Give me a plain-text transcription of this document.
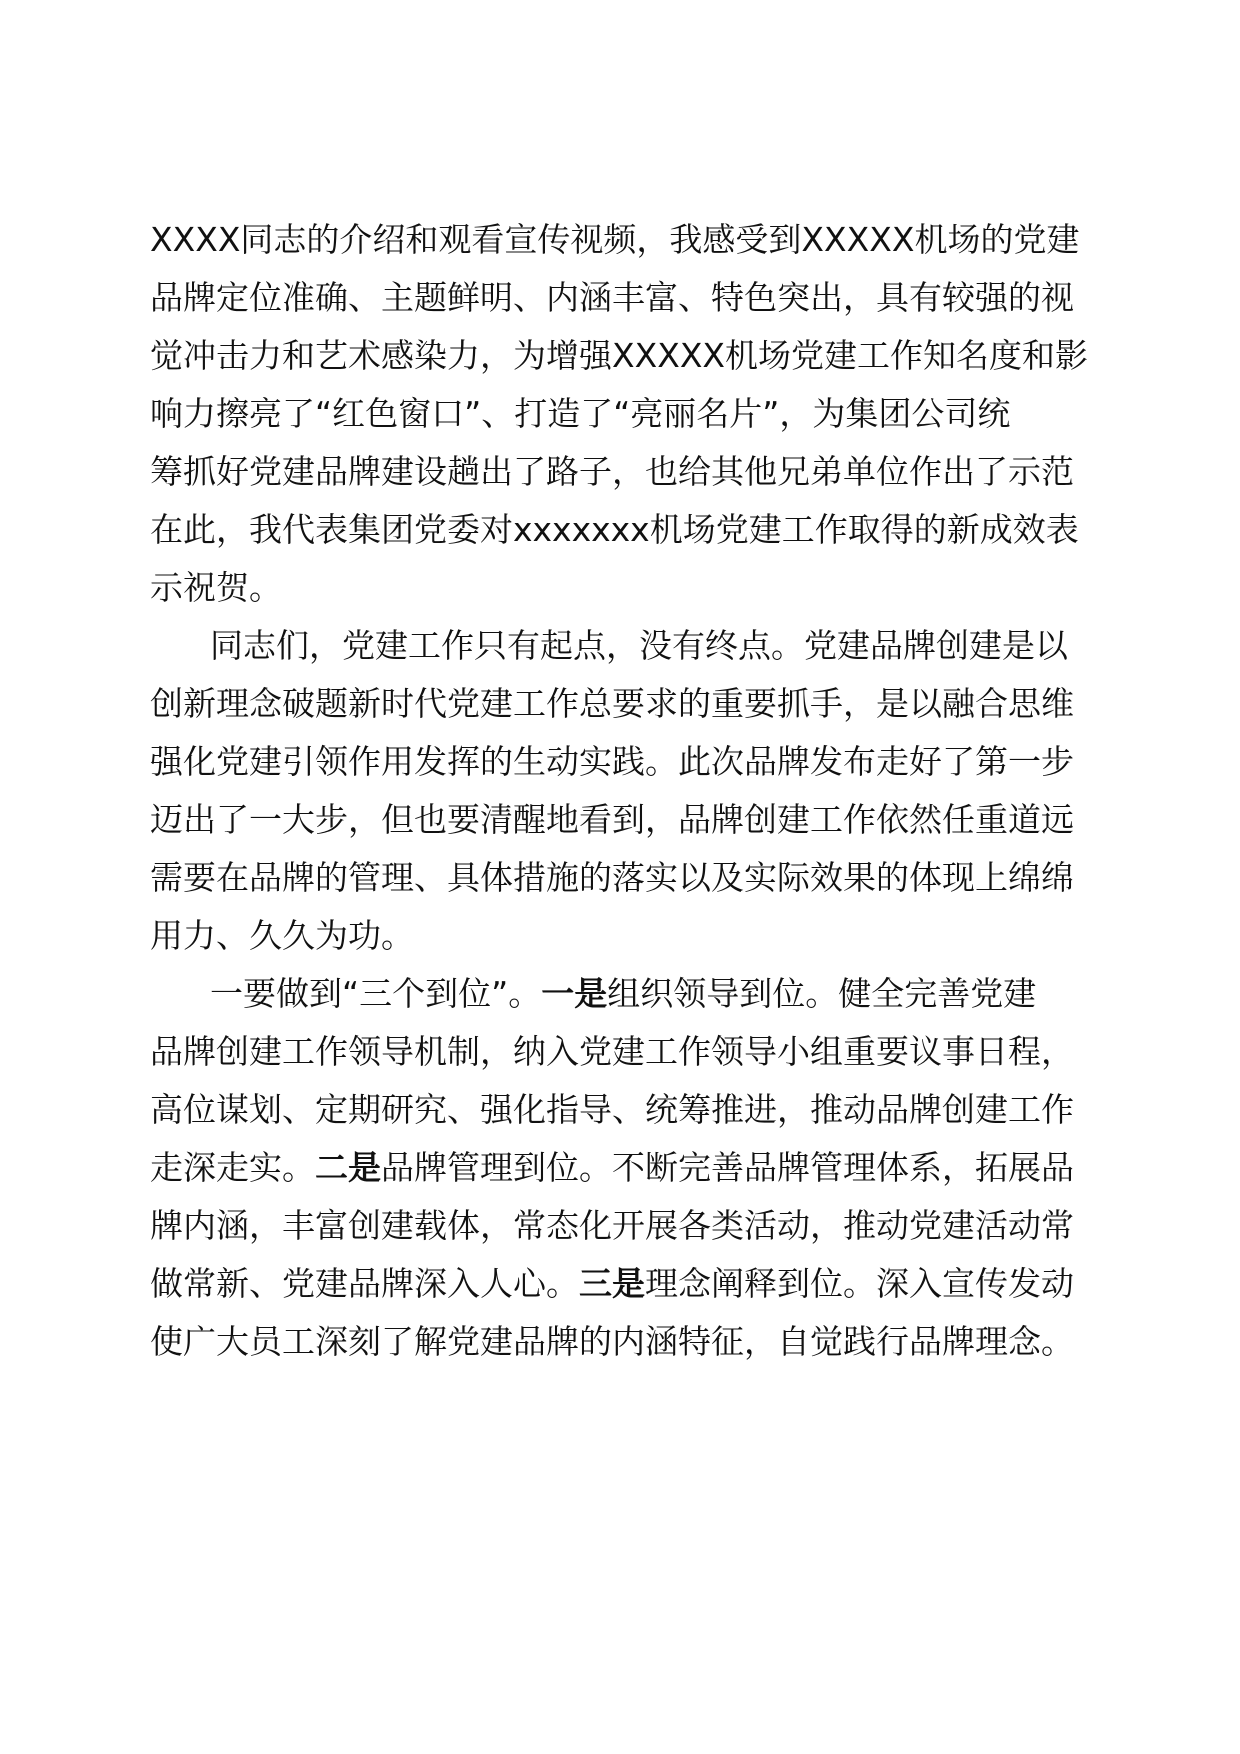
XXXX同志的介绍和观看宣传视频，我感受到XXXXX机场的党建
品牌定位准确、主题鲜明、内涵丰富、特色突出，具有较强的视
觉冲击力和艺术感染力，为增强XXXXX机场党建工作知名度和影
响力擦亮了“红色窗口”、打造了“亮丽名片”，为集团公司统
筹抓好党建品牌建设趟出了路子，也给其他兄弟单位作出了示范
在此，我代表集团党委对xxxxxxx机场党建工作取得的新成效表
示祝贺。
同志们，党建工作只有起点，没有终点。党建品牌创建是以
创新理念破题新时代党建工作总要求的重要抓手，是以融合思维
强化党建引领作用发挥的生动实践。此次品牌发布走好了第一步
迈出了一大步，但也要清醒地看到，品牌创建工作依然任重道远
需要在品牌的管理、具体措施的落实以及实际效果的体现上绵绵
用力、久久为功。
一要做到“三个到位”。一是组织领导到位。健全完善党建
品牌创建工作领导机制，纳入党建工作领导小组重要议事日程，
高位谋划、定期研究、强化指导、统筹推进，推动品牌创建工作
走深走实。二是品牌管理到位。不断完善品牌管理体系，拓展品
牌内涵，丰富创建载体，常态化开展各类活动，推动党建活动常
做常新、党建品牌深入人心。三是理念阐释到位。深入宣传发动
使广大员工深刻了解党建品牌的内涵特征，自觉践行品牌理念。
